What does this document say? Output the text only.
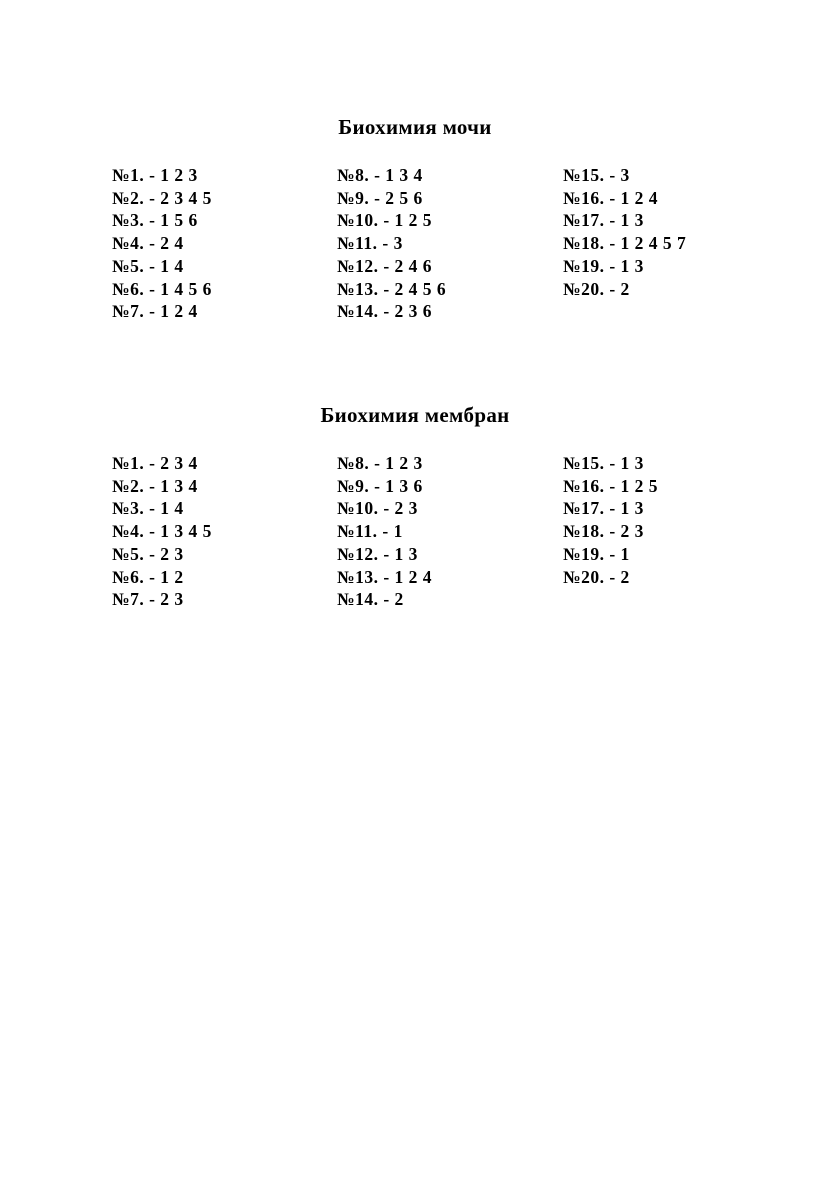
Биохимия мочи
№1. - 1 2 3
№2. - 2 3 4 5
№3. - 1 5 6
№4. - 2 4
№5. - 1 4
№6. - 1 4 5 6
№7. - 1 2 4
№8. - 1 3 4
№9. - 2 5 6
№10. - 1 2 5
№11. - 3
№12. - 2 4 6
№13. - 2 4 5 6
№14. - 2 3 6
№15. - 3
№16. - 1 2 4
№17. - 1 3
№18. - 1 2 4 5 7
№19. - 1 3
№20. - 2
Биохимия мембран
№1. - 2 3 4
№2. - 1 3 4
№3. - 1 4
№4. - 1 3 4 5
№5. - 2 3
№6. - 1 2
№7. - 2 3
№8. - 1 2 3
№9. - 1 3 6
№10. - 2 3
№11. - 1
№12. - 1 3
№13. - 1 2 4
№14. - 2
№15. - 1 3
№16. - 1 2 5
№17. - 1 3
№18. - 2 3
№19. - 1
№20. - 2
